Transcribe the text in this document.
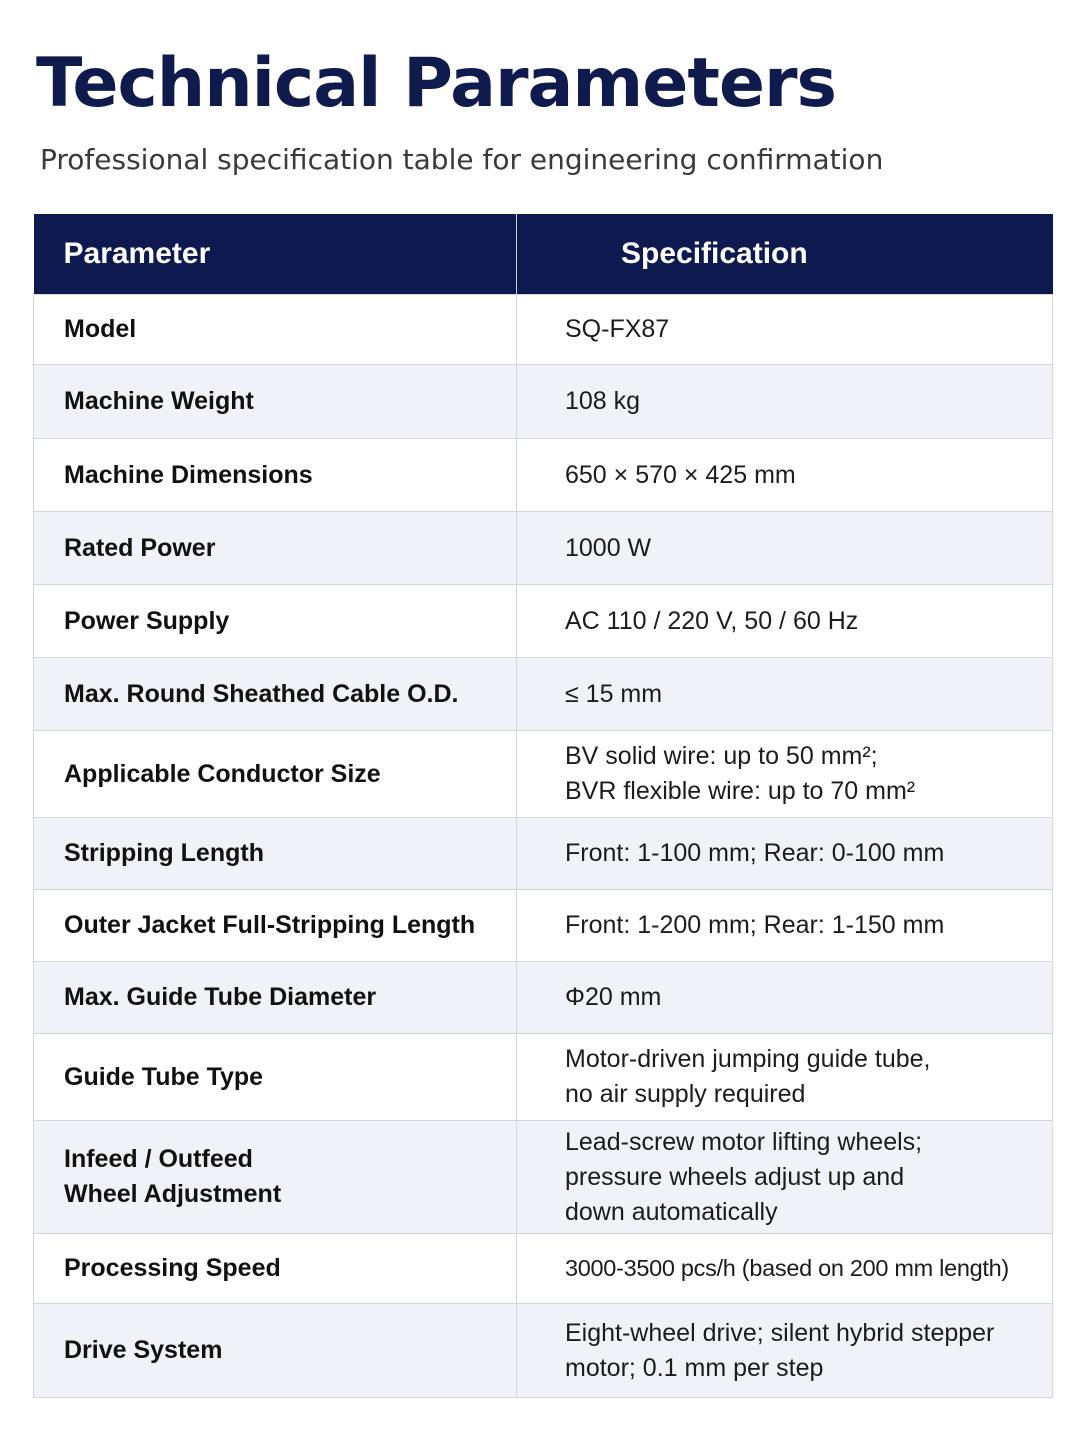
Technical Parameters

Professional specification table for engineering confirmation

Parameter	Specification

Model	SQ-FX87

Machine Weight	108 kg

Machine Dimensions	650 × 570 × 425 mm

Rated Power	1000 W

Power Supply	AC 110 / 220 V, 50 / 60 Hz

Max. Round Sheathed Cable O.D.	≤ 15 mm

Applicable Conductor Size	BV solid wire: up to 50 mm²;
BVR flexible wire: up to 70 mm²

Stripping Length	Front: 1-100 mm; Rear: 0-100 mm

Outer Jacket Full-Stripping Length	Front: 1-200 mm; Rear: 1-150 mm

Max. Guide Tube Diameter	Φ20 mm

Guide Tube Type	Motor-driven jumping guide tube,
no air supply required

Infeed / Outfeed
Wheel Adjustment	Lead-screw motor lifting wheels;
pressure wheels adjust up and
down automatically

Processing Speed	3000-3500 pcs/h (based on 200 mm length)

Drive System	Eight-wheel drive; silent hybrid stepper
motor; 0.1 mm per step
